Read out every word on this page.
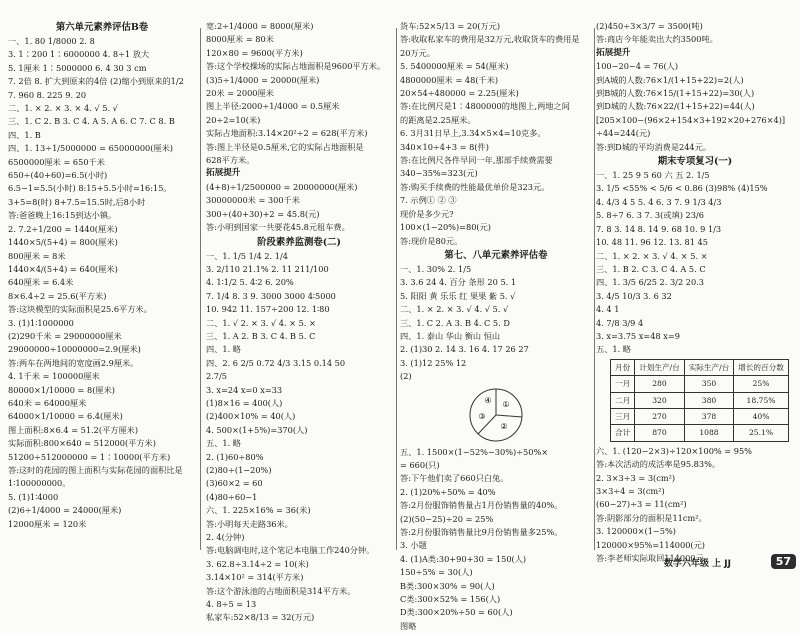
第六单元素养评估B卷
一、1. 80 1/8000 2. 8
3. 1∶200 1∶6000000 4. 8÷1 放大
5. 1厘米 1∶5000000 6. 4 30 3 cm
7. 2倍 8. 扩大到原来的4倍 (2)缩小到原来的1/2
7. 960 8. 225 9. 20
二、1. × 2. × 3. × 4. √ 5. √
三、1. C 2. B 3. C 4. A 5. A 6. C 7. C 8. B
四、1. B
四、1. 13÷1/5000000 = 65000000(厘米)
6500000厘米 = 650千米
650÷(40+60)=6.5(小时)
6.5−1=5.5(小时) 8:15+5.5小时=16:15。
3+5=8(时) 8+7.5=15.5时,后8小时
答:爸爸晚上16:15到达小镇。
2. 7.2÷1/200 = 1440(厘米)
1440×5/(5+4) = 800(厘米)
800厘米 = 8米
1440×4/(5+4) = 640(厘米)
640厘米 = 6.4米
8×6.4÷2 = 25.6(平方米)
答:这块模型的实际面积是25.6平方米。
3. (1)1∶1000000
(2)290千米 = 29000000厘米
29000000÷10000000=2.9(厘米)
答:两车在两地间的宽度画2.9厘米。
4. 1千米 = 100000厘米
80000×1/10000 = 8(厘米)
640米 = 64000厘米
64000×1/10000 = 6.4(厘米)
图上面积:8×6.4 = 51.2(平方厘米)
实际面积:800×640 = 512000(平方米)
51200÷512000000 = 1∶10000(平方米)
答:这时的花园的图上面积与实际花园的面积比是
1∶100000000。
5. (1)1∶4000
(2)6÷1/4000 = 24000(厘米)
12000厘米 = 120米
宽:2÷1/4000 = 8000(厘米)
8000厘米 = 80米
120×80 = 9600(平方米)
答:这个学校操场的实际占地面积是9600平方米。
(3)5÷1/4000 = 20000(厘米)
20米 = 2000厘米
图上半径:2000÷1/4000 = 0.5厘米
20÷2=10(米)
实际占地面积:3.14×20²÷2 = 628(平方米)
答:图上半径是0.5厘米,它的实际占地面积是
628平方米。
拓展提升
(4+8)÷1/2500000 = 20000000(厘米)
30000000米 = 300千米
300÷(40+30)+2 = 45.8(元)
答:小明到国家一共要花45.8元租车费。
阶段素养监测卷(二)
一、1. 1/5 1/4 2. 1/4
3. 2/110 21.1% 2. 11 211/100
4. 1∶1/2 5. 4∶2 6. 20%
7. 1/4 8. 3 9. 3000 3000 4∶5000
10. 942 11. 157÷200 12. 1∶80
二、1. √ 2. × 3. √ 4. × 5. ×
三、1. A 2. B 3. C 4. B 5. C
四、1. 略
四、2. 6 2/5 0.72 4/3 3.15 0.14 50
2.7/5
3. x=24 x=0 x=33
(1)8×16 = 400(人)
(2)400×10% = 40(人)
4. 500×(1+5%)=370(人)
五、1. 略
2. (1)60÷80%
(2)80÷(1−20%)
(3)60×2 = 60
(4)80÷60−1
六、1. 225×16% = 36(米)
答:小明每天走路36米。
2. 4(分钟)
答:电脑调电时,这个笔记本电脑工作240分钟。
3. 62.8÷3.14÷2 = 10(米)
3.14×10² = 314(平方米)
答:这个游泳池的占地面积是314平方米。
4. 8÷5 = 13
私家车:52×8/13 = 32(万元)
货车:52×5/13 = 20(万元)
答:收取私家车的费用是32万元,收取货车的费用是
20万元。
5. 5400000厘米 = 54(厘米)
4800000厘米 = 48(千米)
20×54÷480000 = 2.25(厘米)
答:在比例尺是1∶4800000的地图上,两地之间
的距离是2.25厘米。
6. 3月31日早上,3.34×5×4=10克多。
340×10÷4+3 = 8(件)
答:在比例尺各件早同一年,那部手续费需要
340−35%=323(元)
答:购买手续费的性能最优单价是323元。
7. 示例① ② ③
现价是多少元?
100×(1−20%)=80(元)
答:现价是80元。
第七、八单元素养评估卷
一、1. 30% 2. 1/5
3. 3.6 24 4. 百分 条形 20 5. 1
5. 阳阳 黄 乐乐 红 果果 紫 5. √
二、1. × 2. × 3. √ 4. √ 5. √
三、1. C 2. A 3. B 4. C 5. D
四、1. 泰山 华山 衡山 恒山
2. (1)30 2. 14 3. 16 4. 17 26 27
3. (1)12 25% 12
(2)
①
②
③
④
五、1. 1500×(1−52%−30%)÷50%×
= 660(只)
答:下午他们卖了660只白兔。
2. (1)20%÷50% = 40%
答:2月份服饰销售量占1月份销售量的40%。
(2)(50−25)÷20 = 25%
答:2月份服饰销售量比9月份销售量多25%。
3. 小题
4. (1)A类:30+90+30 = 150(人)
150÷5% = 30(人)
B类:300×30% = 90(人)
C类:300×52% = 156(人)
D类:300×20%÷50 = 60(人)
图略
(2)450÷3×3/7 = 3500(吨)
答:商店今年能卖出大约3500吨。
拓展提升
100−20−4 = 76(人)
到A城的人数:76×1/(1+15+22)=2(人)
到B城的人数:76×15/(1+15+22)=30(人)
到D城的人数:76×22/(1+15+22)=44(人)
[205×100−(96×2+154×3+192×20+276×4)]
÷44=244(元)
答:到D城的平均消费是244元。
期末专项复习(一)
一、1. 25 9 5 60 六 五 2. 1/5
3. 1/5 <55% < 5/6 < 0.86 (3)98% (4)15%
4. 4/3 4 5 5. 4 6. 3 7. 9 1/3 4/3
5. 8÷7 6. 3 7. 3(或填) 23/6
7. 8 3. 14 8. 14 9. 68 10. 9 1/3
10. 48 11. 96 12. 13. 81 45
二、1. × 2. × 3. √ 4. × 5. ×
三、1. B 2. C 3. C 4. A 5. C
四、1. 3/5 6/25 2. 3/2 20.3
3. 4/5 10/3 3. 6 32
4. 4 1
4. 7/8 3/9 4
3. x=3.75 x=48 x=9
五、1. 略
月份	计划生产/台	实际生产/台	增长的百分数
一月	280	350	25%
二月	320	380	18.75%
三月	270	378	40%
合计	870	1088	25.1%
六、1. (120−2×3)÷120×100% = 95%
答:本次活动的成活率是95.83%。
2. 3×3÷3 = 3(cm²)
3×3÷4 = 3(cm²)
(60−27)÷3 = 11(cm²)
答:阴影部分的面积是11cm²。
3. 120000×(1−5%)
120000×95%=114000(元)
答:李老师实际取回114000元。
数学六年级 上 JJ	57
